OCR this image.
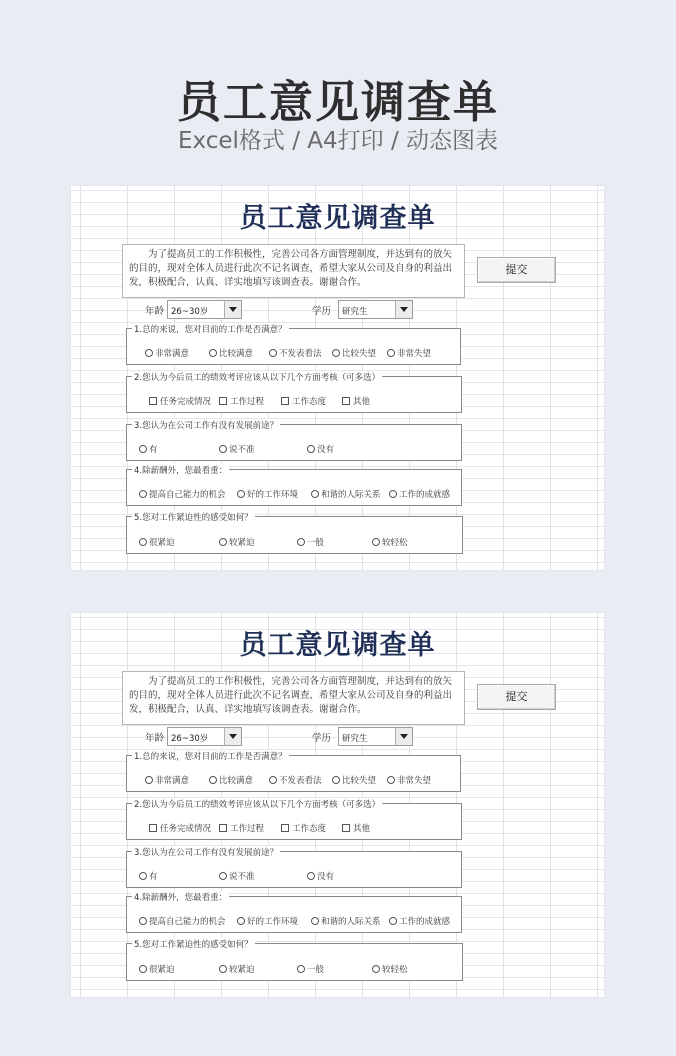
员工意见调查单
Excel格式 / A4打印 / 动态图表
员工意见调查单
为了提高员工的工作积极性，完善公司各方面管理制度，并达到有的放矢的目的，现对全体人员进行此次不记名调查，希望大家从公司及自身的利益出发，积极配合，认真、详实地填写该调查表。谢谢合作。
提交
年龄 26~30岁	学历 研究生
1.总的来说，您对目前的工作是否满意？
非常满意	比较满意	不发表看法 比较失望 非常失望
2.您认为今后员工的绩效考评应该从以下几个方面考核（可多选）
任务完成情况 工作过程	工作态度	其他
3.您认为在公司工作有没有发展前途？
有	说不准	没有
4.除薪酬外，您最看重：
提高自己能力的机会	好的工作环境	和谐的人际关系 工作的成就感
5.您对工作紧迫性的感受如何？
很紧迫	较紧迫	一般	较轻松
员工意见调查单
为了提高员工的工作积极性，完善公司各方面管理制度，并达到有的放矢的目的，现对全体人员进行此次不记名调查，希望大家从公司及自身的利益出发，积极配合，认真、详实地填写该调查表。谢谢合作。
提交
年龄 26~30岁	学历 研究生
1.总的来说，您对目前的工作是否满意？
非常满意	比较满意	不发表看法 比较失望 非常失望
2.您认为今后员工的绩效考评应该从以下几个方面考核（可多选）
任务完成情况 工作过程	工作态度	其他
3.您认为在公司工作有没有发展前途？
有	说不准	没有
4.除薪酬外，您最看重：
提高自己能力的机会	好的工作环境	和谐的人际关系 工作的成就感
5.您对工作紧迫性的感受如何？
很紧迫	较紧迫	一般	较轻松
